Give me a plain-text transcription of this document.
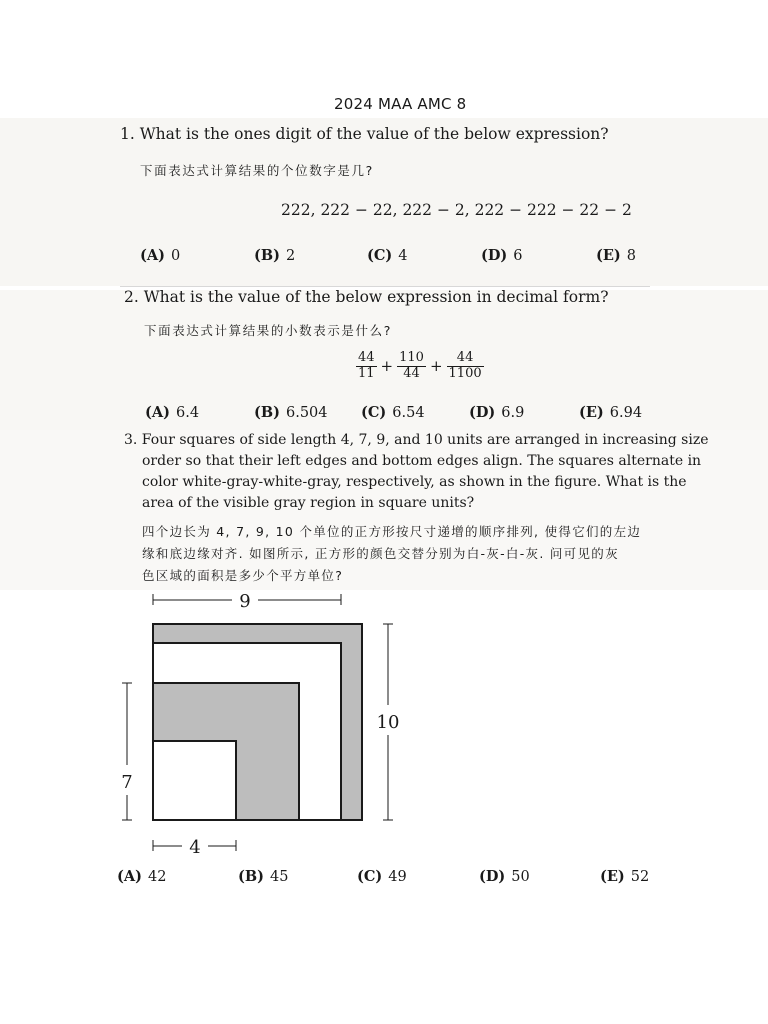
2024 MAA AMC 8
1. What is the ones digit of the value of the below expression?
下面表达式计算结果的个位数字是几?
222, 222 − 22, 222 − 2, 222 − 222 − 22 − 2
(A) 0	(B) 2	(C) 4	(D) 6	(E) 8
2. What is the value of the below expression in decimal form?
下面表达式计算结果的小数表示是什么?
$\frac{44}{11} + \frac{110}{44} + \frac{44}{1100}$
(A) 6.4	(B) 6.504 (C) 6.54	(D) 6.9	(E) 6.94
3. Four squares of side length 4, 7, 9, and 10 units are arranged in increasing size
order so that their left edges and bottom edges align. The squares alternate in
color white-gray-white-gray, respectively, as shown in the figure. What is the
area of the visible gray region in square units?
四个边长为 4, 7, 9, 10 个单位的正方形按尺寸递增的顺序排列, 使得它们的左边
缘和底边缘对齐. 如图所示, 正方形的颜色交替分别为白-灰-白-灰. 问可见的灰
色区域的面积是多少个平方单位?
9
10
7
4
(A) 42	(B) 45	(C) 49	(D) 50	(E) 52
